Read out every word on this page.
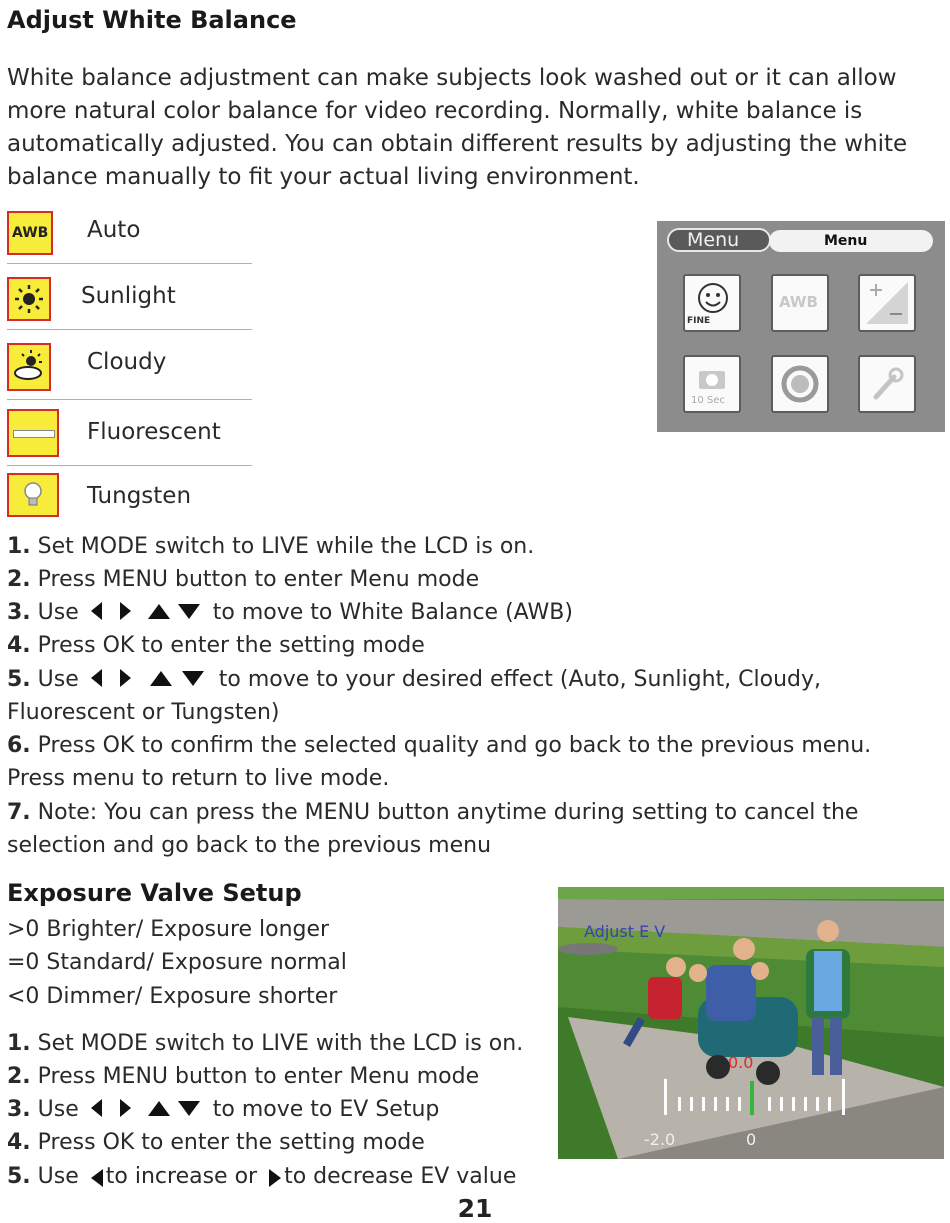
Adjust White Balance
White balance adjustment can make subjects look washed out or it can allow
more natural color balance for video recording. Normally, white balance is
automatically adjusted. You can obtain different results by adjusting the white
balance manually to fit your actual living environment.
AWB Auto
Sunlight
Cloudy
Fluorescent
Tungsten
Menu	Menu
FINE
AWB
10 Sec
1. Set MODE switch to LIVE while the LCD is on.
2. Press MENU button to enter Menu mode
3. Use	to move to White Balance (AWB)
4. Press OK to enter the setting mode
5. Use	to move to your desired effect (Auto, Sunlight, Cloudy,
Fluorescent or Tungsten)
6. Press OK to confirm the selected quality and go back to the previous menu.
Press menu to return to live mode.
7. Note: You can press the MENU button anytime during setting to cancel the
selection and go back to the previous menu
Exposure Valve Setup
>0 Brighter/ Exposure longer
=0 Standard/ Exposure normal
<0 Dimmer/ Exposure shorter
1. Set MODE switch to LIVE with the LCD is on.
2. Press MENU button to enter Menu mode
3. Use	to move to EV Setup
4. Press OK to enter the setting mode
5. Use to increase or to decrease EV value
Adjust E V
0.0
-2.0	0
21
